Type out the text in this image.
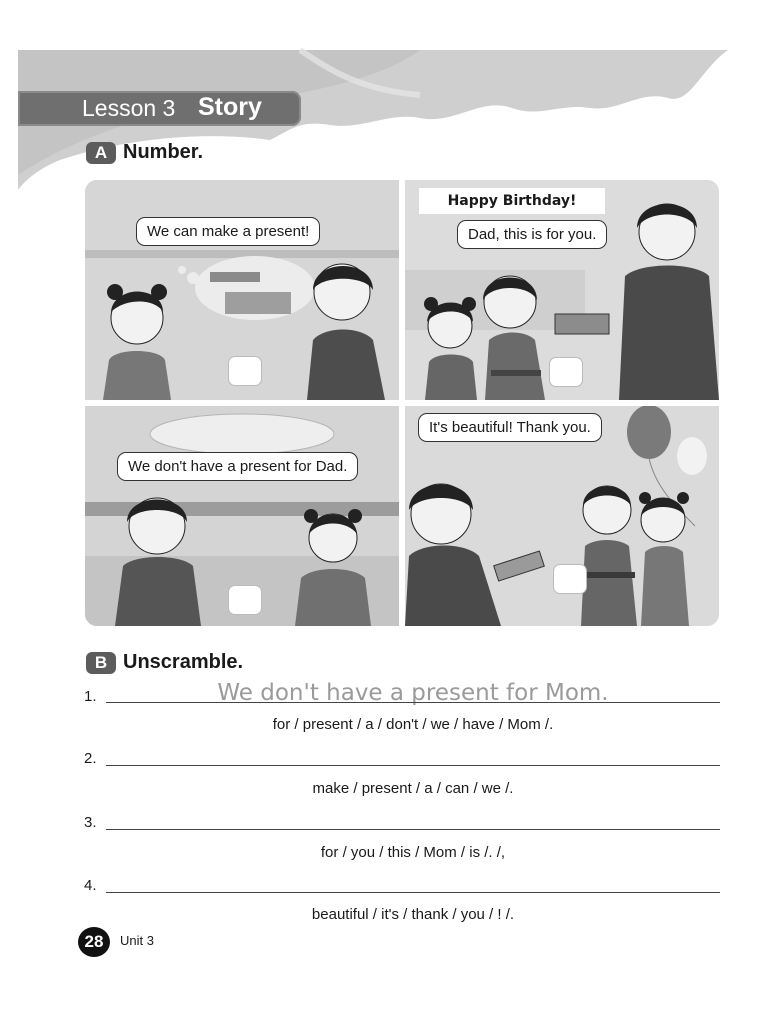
Lesson 3 Story
A Number.
We can make a present!
Happy Birthday!
Dad, this is for you.
We don't have a present for Dad.
It's beautiful! Thank you.
B Unscramble.
1.	We don't have a present for Mom.
for / present / a / don't / we / have / Mom /.
2.
make / present / a / can / we /.
3.
for / you / this / Mom / is /. /,
4.
beautiful / it's / thank / you / ! /.
28	Unit 3
